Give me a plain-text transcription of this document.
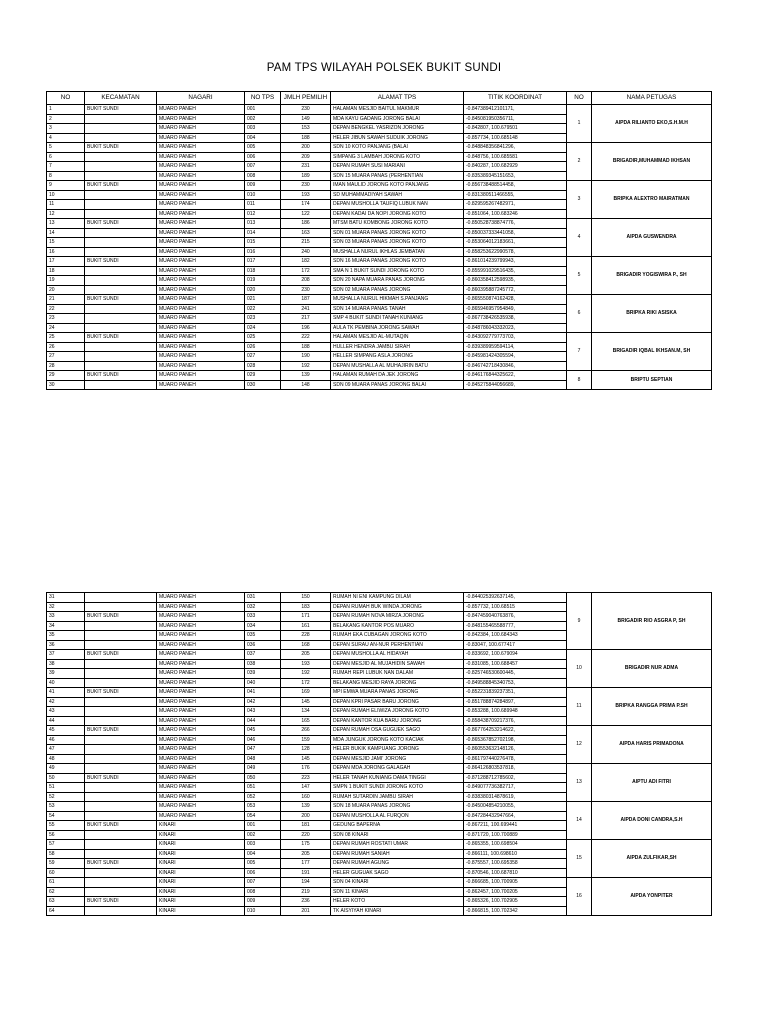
PAM TPS WILAYAH POLSEK BUKIT SUNDI
NO	KECAMATAN	NAGARI	NO TPS	JMLH PEMILIH	ALAMAT TPS	TITIK KOORDINAT	NO	NAMA PETUGAS
1	BUKIT SUNDI	MUARO PANEH	001	230	HALAMAN MESJID BAITUL MAKMUR	-0.847389412101171,	1	AIPDA RILIANTO EKO,S.H.M.H
2		MUARO PANEH	002	149	MDA KAYU GADANG JORONG BALAI	-0.845081950356711,		
3		MUARO PANEH	003	153	DEPAN BENGKEL YASRIZON JORONG	-0.842807, 100.679501		
4		MUARO PANEH	004	188	HELER JIBUN SAWAH SUDUIK JORONG	-0.857734, 100.685148		
5	BUKIT SUNDI	MUARO PANEH	005	200	SDN 10 KOTO PANJANG (BALAI	-0.848848356841296,	2	BRIGADIR,MUHAMMAD IKHSAN
6		MUARO PANEH	006	209	SIMPANG 3 LAMBAH JORONG KOTO	-0.848756, 100.685581		
7		MUARO PANEH	007	231	DEPAN RUMAH SUSI MARIANI	-0.840287, 100.682929		
8		MUARO PANEH	008	189	SDN 15 MUARA PANAS (PERHENTIAN	-0.835389345151653,		
9	BUKIT SUNDI	MUARO PANEH	009	230	IMAN MAULID JORONG KOTO PANJANG	-0.856738488514458,	3	BRIPKA ALEXTRO MAIRATMAN
10		MUARO PANEH	010	193	SD MUHAMMADIYAH SAWAH	-0.831380511466555,		
11		MUARO PANEH	011	174	DEPAN MUSHOLLA TAUFIQ LUBUK NAN	-0.829595267482971,		
12		MUARO PANEH	012	122	DEPAN KADAI DA NOPI JORONG KOTO	-0.851064, 100.683246		
13	BUKIT SUNDI	MUARO PANEH	013	186	MTSM BATU KOMBONG JORONG KOTO	-0.850528738874776,	4	AIPDA GUSWENDRA
14		MUARO PANEH	014	163	SDN 01 MUARA PANAS JORONG KOTO	-0.850037333441058,		
15		MUARO PANEH	015	215	SDN 03 MUARA PANAS JORONG KOTO	-0.853064012183661,		
16		MUARO PANEH	016	240	MUSHALLA NURUL IKHLAS JEMBATAN	-0.858253622990578,		
17	BUKIT SUNDI	MUARO PANEH	017	182	SDN 16 MUARA PANAS JORONG KOTO	-0.861014239799943,	5	BRIGADIR YOGISWIRA P., SH
18		MUARO PANEH	018	172	SMA N 1 BUKIT SUNDI JORONG KOTO	-0.855991029516435,		
19		MUARO PANEH	019	208	SDN 20 NAPA MUARA PANAS JORONG	-0.860358412598935,		
20		MUARO PANEH	020	230	SDN 02 MUARA PANAS JORONG	-0.860395887245772,		
21	BUKIT SUNDI	MUARO PANEH	021	187	MUSHALLA NURUL HIKMAH S.PANJANG	-0.865550874162428,	6	BRIPKA RIKI ASISKA
22		MUARO PANEH	022	241	SDN 14 MUARA PANAS TANAH	-0.865946957954849,		
23		MUARO PANEH	023	217	SMP 4 BUKIT SUNDI TANAH KUNIANG	-0.867738426535938,		
24		MUARO PANEH	024	196	AULA TK PEMBINA JORONG SAWAH	-0.848786043332023,		
25	BUKIT SUNDI	MUARO PANEH	025	222	HALAMAN MESJID AL-MUTAQIN	-0.843092779773703,	7	BRIGADIR IQBAL IKHSAN.M, SH
26		MUARO PANEH	026	188	HULLER HENDRA JAMBU SIRAH	-0.839389959594114,		
27		MUARO PANEH	027	190	HELLER SIMPANG ASLA JORONG	-0.845981424305594,		
28		MUARO PANEH	028	192	DEPAN MUSHALLA AL MUHAJIRIN BATU	-0.846742718430846,		
29	BUKIT SUNDI	MUARO PANEH	029	139	HALAMAN RUMAH DA JEK JORONG	-0.846176844325622,	8	BRIPTU SEPTIAN
30		MUARO PANEH	030	148	SDN 09 MUARA PANAS JORONG BALAI	-0.845275844056689,		
31		MUARO PANEH	031	150	RUMAH NI ENI KAMPUNG DILAM	-0.844025392637145,	9	BRIGADIR RIO ASGRA P, SH
32		MUARO PANEH	032	183	DEPAN RUMAH BUK WINDA JORONG	-0.857732, 100.68515		
33	BUKIT SUNDI	MUARO PANEH	033	171	DEPAN RUMAH NOVA MIRZA JORONG	-0.847459040763876,		
34		MUARO PANEH	034	161	BELAKANG KANTOR POS MUARO	-0.848155465588777,		
35		MUARO PANEH	035	228	RUMAH EKA CUBAGAN JORONG KOTO	-0.842384, 100.684343		
36		MUARO PANEH	036	168	DEPAN SURAU AN-NUR PERHENTIAN	-0.83047, 100.677417		
37	BUKIT SUNDI	MUARO PANEH	037	205	DEPAN MUSHOLLA AL HIDAYAH	-0.833692, 100.679094	10	BRIGADIR NUR ADMA
38		MUARO PANEH	038	193	DEPAN MESJID AL MUJAHIDIN SAWAH	-0.831085, 100.688457		
39		MUARO PANEH	039	192	RUMAH REPI LUBUK NAN DALAM	-0.825746530600445,		
40		MUARO PANEH	040	172	BELAKANG MESJID RAYA JORONG	-0.849588845340753,		
41	BUKIT SUNDI	MUARO PANEH	041	169	MPI EMWA MUARA PANAS JORONG	-0.852231839237351,	11	BRIPKA RANGGA PRIMA P.SH
42		MUARO PANEH	042	145	DEPAN KPRI PASAR BARU JORONG	-0.851788874284897,		
43		MUARO PANEH	043	134	DEPAN RUMAH ELIWIZA JORONG KOTO	-0.853288, 100.689948		
44		MUARO PANEH	044	165	DEPAN KANTOR KUA BARU JORONG	-0.858438709217376,		
45	BUKIT SUNDI	MUARO PANEH	045	266	DEPAN RUMAH OSA GUGUEK SAGO	-0.867764253214622,	12	AIPDA HARIS PRIMADONA
46		MUARO PANEH	046	159	MDA JUNGUK JORONG KOTO KACIAK	-0.865367852702198,		
47		MUARO PANEH	047	128	HELER BUKIK KAMPUANG JORONG	-0.860553632148126,		
48		MUARO PANEH	048	145	DEPAN MESJID JAMI' JORONG	-0.861797440276478,		
49		MUARO PANEH	049	176	DEPAN MDA JORONG GALAGAH	-0.864126803537818,	13	AIPTU ADI FITRI
50	BUKIT SUNDI	MUARO PANEH	050	223	HELER TANAH KUNIANG DAMA TINGGI	-0.871288712785602,		
51		MUARO PANEH	051	147	SMPN 1 BUKIT SUNDI JORONG KOTO	-0.849077736382717,		
52		MUARO PANEH	052	160	RUMAH SUTARDIN JAMBU SIRAH	-0.838380314878619,		
53		MUARO PANEH	053	139	SDN 18 MUARA PANAS JORONG	-0.845004854210055,	14	AIPDA DONI CANDRA,S.H
54		MUARO PANEH	054	200	DEPAN MUSHOLLA AL FURQON	-0.847284432947664,		
55	BUKIT SUNDI	KINARI	001	181	GEDUNG BAPERNA	-0.867211, 100.699441		
56		KINARI	002	220	SDN 08 KINARI	-0.871720, 100.700889		
57		KINARI	003	175	DEPAN RUMAH ROSTATI UMAR	-0.865355, 100.698504	15	AIPDA ZULFIKAR,SH
58		KINARI	004	205	DEPAN RUMAH SANIAH	-0.866111, 100.698610		
59	BUKIT SUNDI	KINARI	005	177	DEPAN RUMAH AGUNG	-0.875557, 100.695358		
60		KINARI	006	191	HELER GUGUAK SAGO	-0.870546, 100.687810		
61		KINARI	007	194	SDN 04 KINARI	-0.866685, 100.700905	16	AIPDA YONPITER
62		KINARI	008	219	SDN 11 KINARI	-0.862457, 100.700205		
63	BUKIT SUNDI	KINARI	009	236	HELER KOTO	-0.865326, 100.702905		
64		KINARI	010	201	TK AISYIYAH KINARI	-0.866815, 100.702342		
